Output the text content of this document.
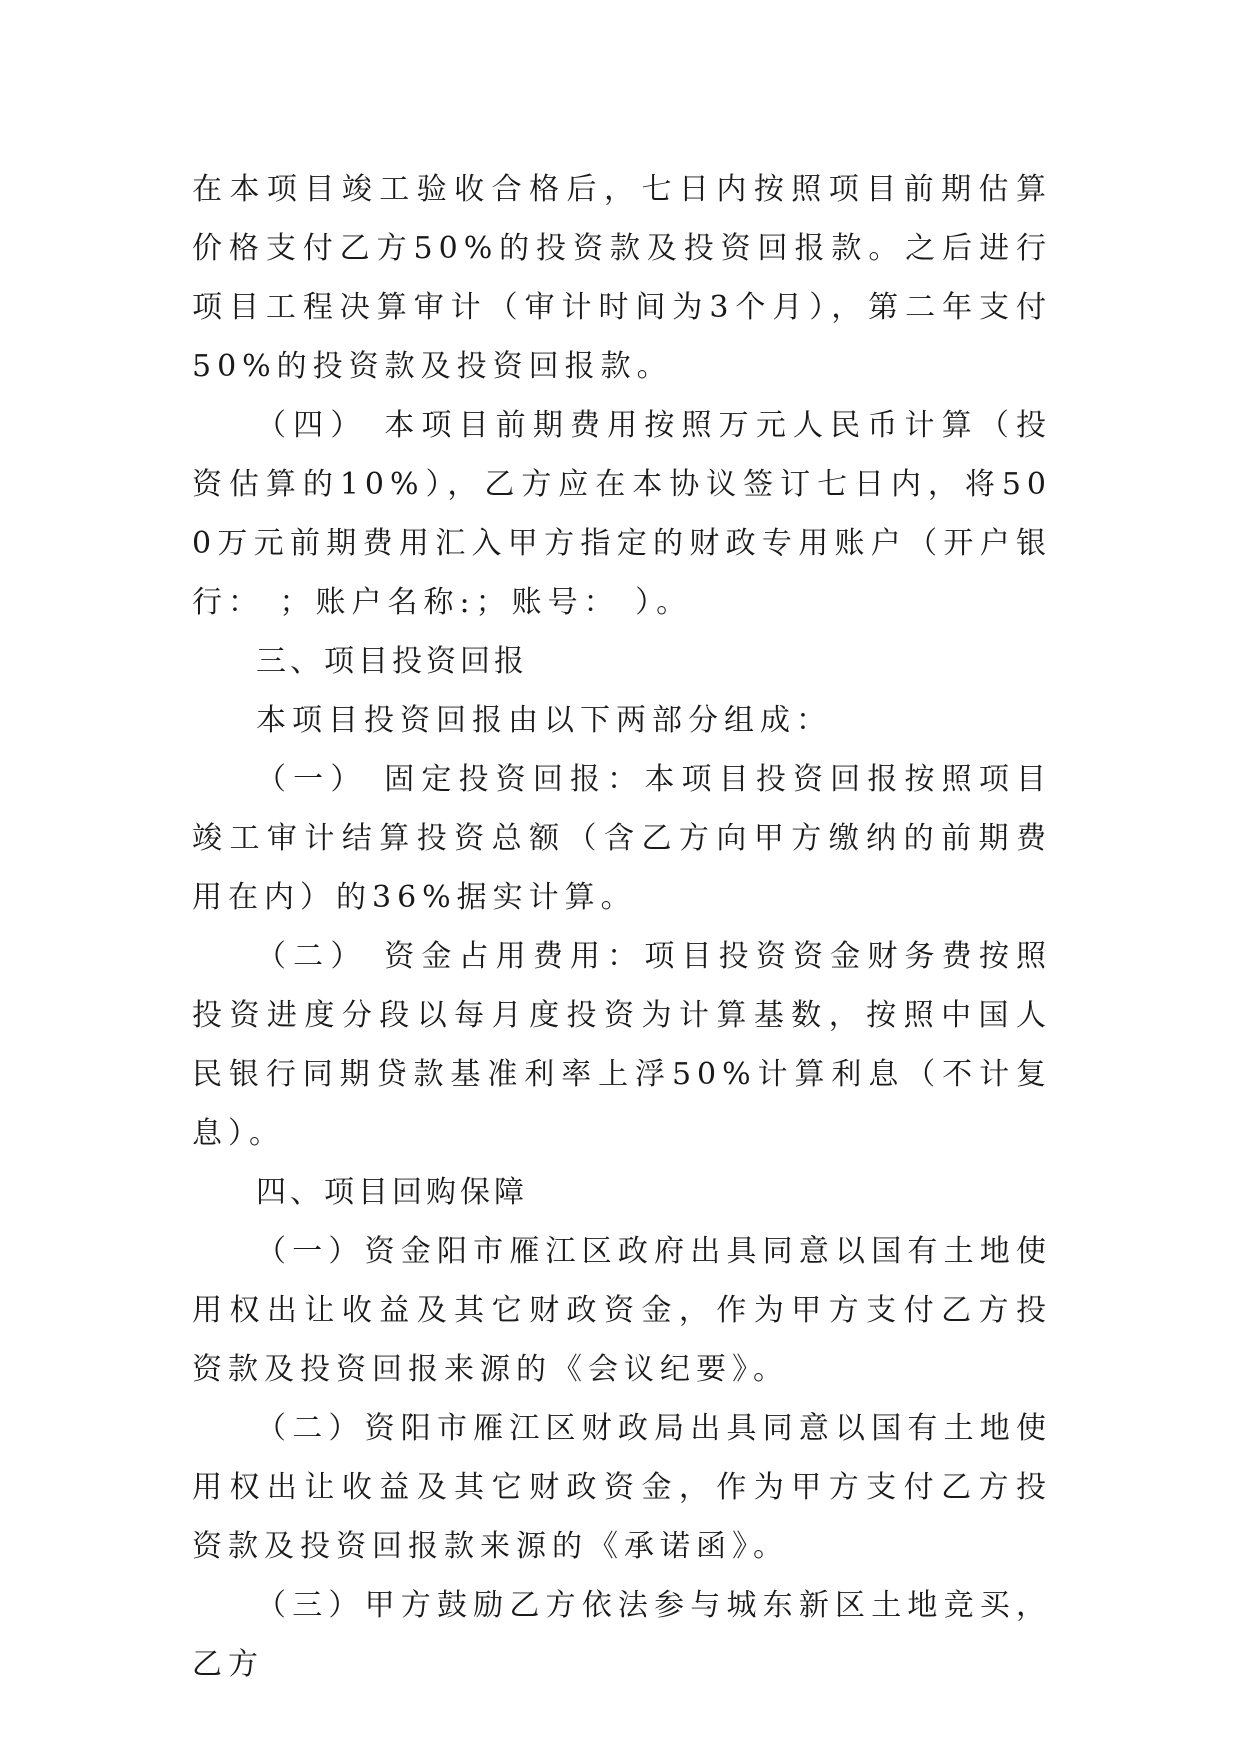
在本项目竣工验收合格后，七日内按照项目前期估算价格支付乙方50%的投资款及投资回报款。之后进行项目工程决算审计（审计时间为3个月），第二年支付50%的投资款及投资回报款。

（四） 本项目前期费用按照万元人民币计算（投资估算的10%），乙方应在本协议签订七日内，将500万元前期费用汇入甲方指定的财政专用账户（开户银行： ；账户名称:；账号： ）。

三、项目投资回报

本项目投资回报由以下两部分组成：

（一） 固定投资回报：本项目投资回报按照项目竣工审计结算投资总额（含乙方向甲方缴纳的前期费用在内）的36%据实计算。

（二） 资金占用费用：项目投资资金财务费按照投资进度分段以每月度投资为计算基数，按照中国人民银行同期贷款基准利率上浮50%计算利息（不计复息）。

四、项目回购保障

（一）资金阳市雁江区政府出具同意以国有土地使用权出让收益及其它财政资金，作为甲方支付乙方投资款及投资回报来源的《会议纪要》。

（二）资阳市雁江区财政局出具同意以国有土地使用权出让收益及其它财政资金，作为甲方支付乙方投资款及投资回报款来源的《承诺函》。

（三）甲方鼓励乙方依法参与城东新区土地竞买，乙方
